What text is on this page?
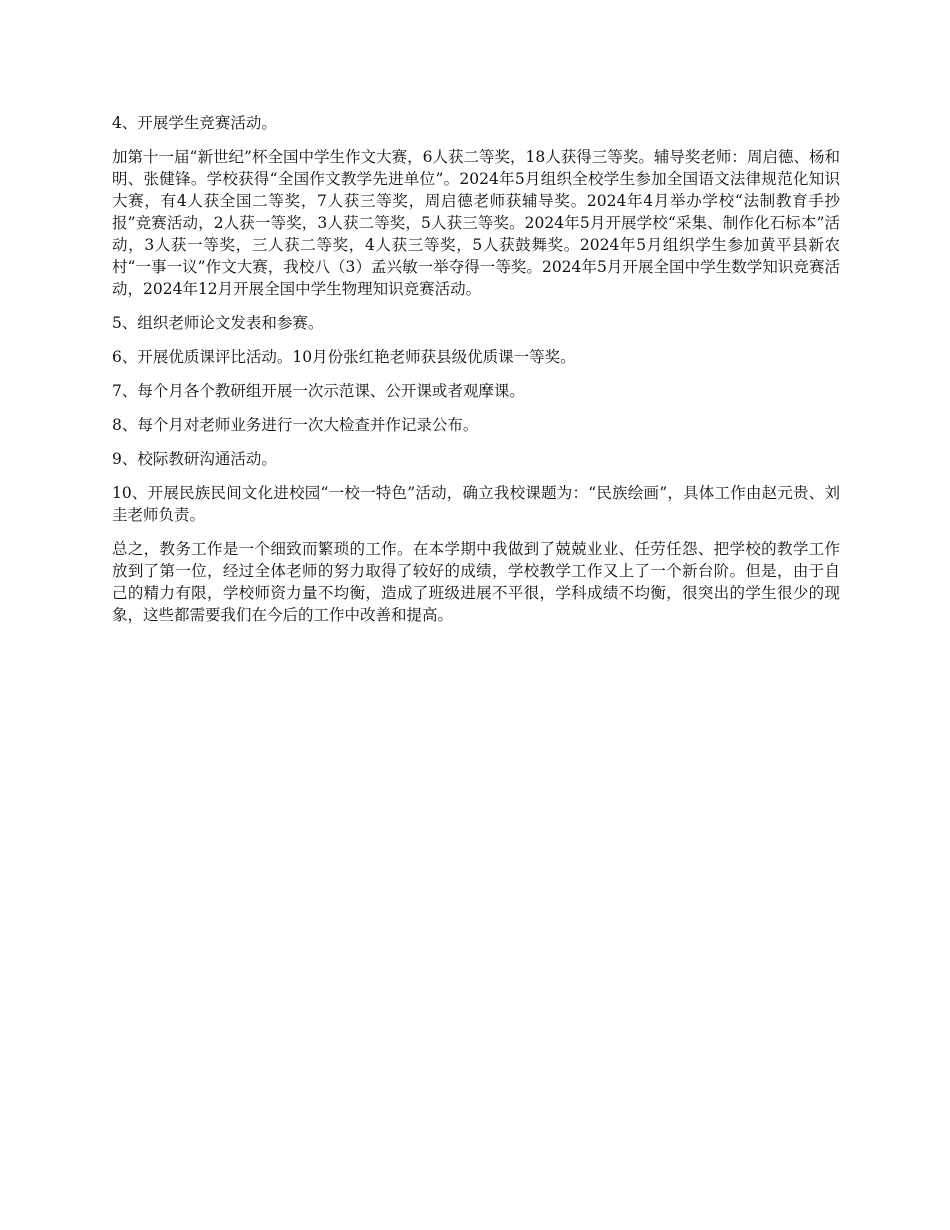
4、开展学生竞赛活动。

加第十一届“新世纪”杯全国中学生作文大赛，6人获二等奖，18人获得三等奖。辅导奖老师：周启德、杨和明、张健锋。学校获得“全国作文教学先进单位”。2024年5月组织全校学生参加全国语文法律规范化知识大赛，有4人获全国二等奖，7人获三等奖，周启德老师获辅导奖。2024年4月举办学校“法制教育手抄报”竞赛活动，2人获一等奖，3人获二等奖，5人获三等奖。2024年5月开展学校“采集、制作化石标本”活动，3人获一等奖，三人获二等奖，4人获三等奖，5人获鼓舞奖。2024年5月组织学生参加黄平县新农村“一事一议”作文大赛，我校八（3）孟兴敏一举夺得一等奖。2024年5月开展全国中学生数学知识竞赛活动，2024年12月开展全国中学生物理知识竞赛活动。

5、组织老师论文发表和参赛。

6、开展优质课评比活动。10月份张红艳老师获县级优质课一等奖。

7、每个月各个教研组开展一次示范课、公开课或者观摩课。

8、每个月对老师业务进行一次大检查并作记录公布。

9、校际教研沟通活动。

10、开展民族民间文化进校园“一校一特色”活动，确立我校课题为：“民族绘画”，具体工作由赵元贵、刘圭老师负责。

总之，教务工作是一个细致而繁琐的工作。在本学期中我做到了兢兢业业、任劳任怨、把学校的教学工作放到了第一位，经过全体老师的努力取得了较好的成绩，学校教学工作又上了一个新台阶。但是，由于自己的精力有限，学校师资力量不均衡，造成了班级进展不平很，学科成绩不均衡，很突出的学生很少的现象，这些都需要我们在今后的工作中改善和提高。
